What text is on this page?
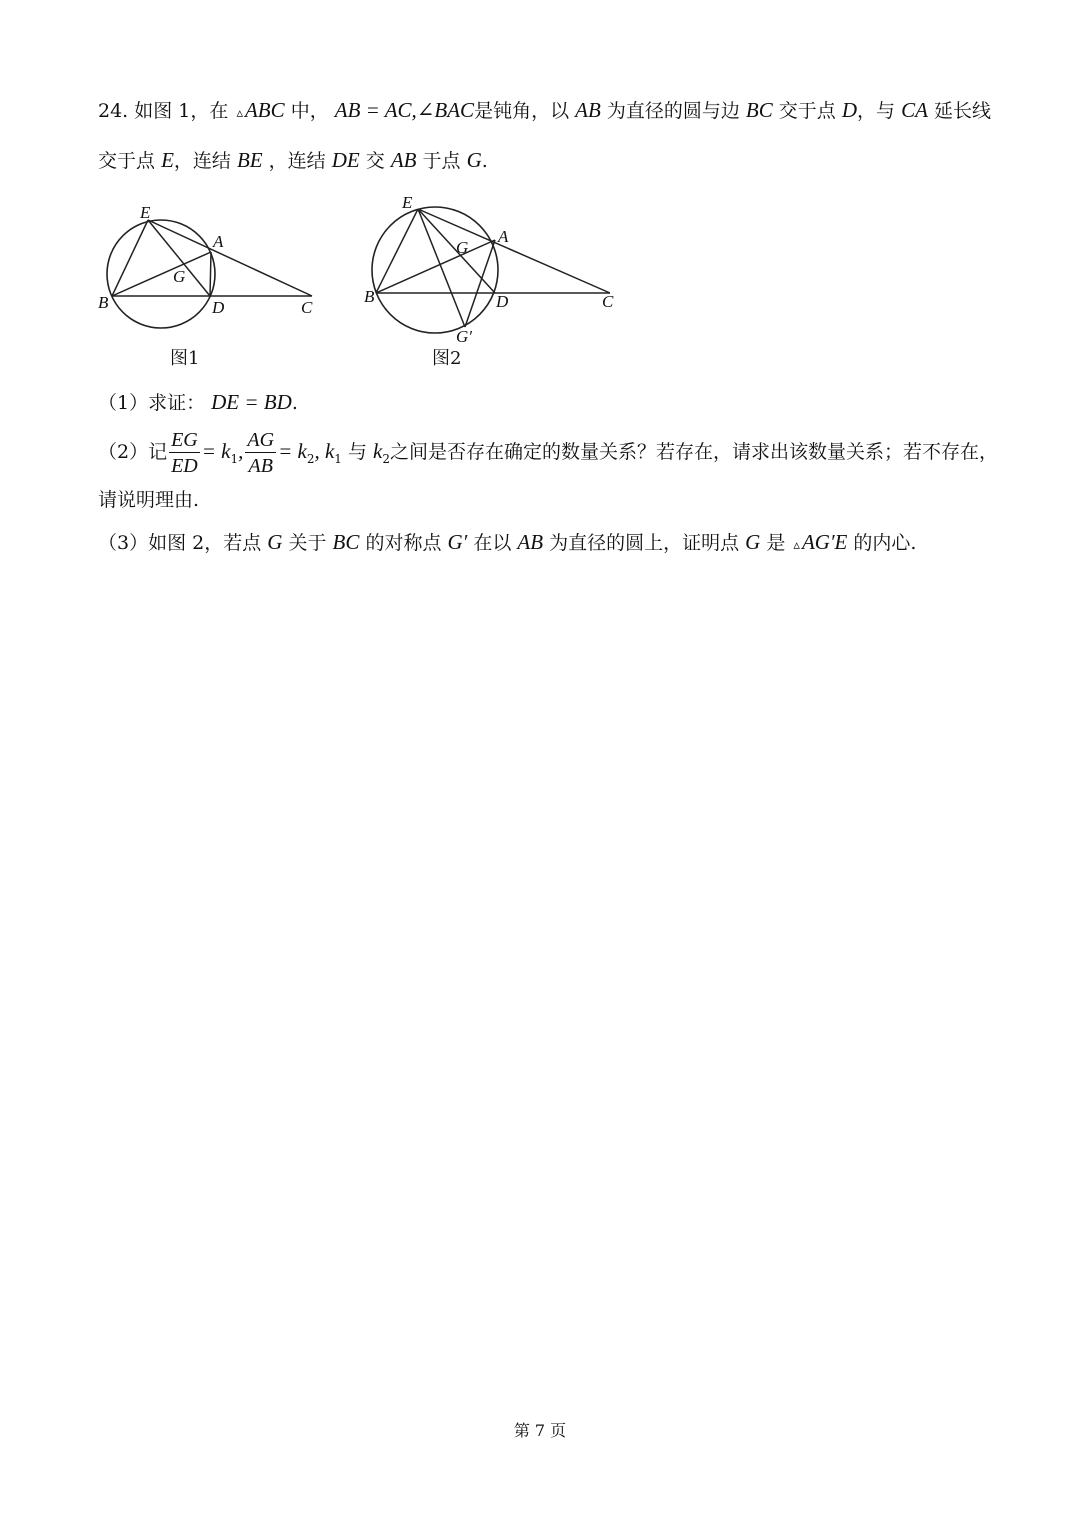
24. 如图 1，在 ▵ABC 中， AB = AC,∠BAC是钝角，以 AB 为直径的圆与边 BC 交于点 D，与 CA 延长线
交于点 E，连结 BE ，连结 DE 交 AB 于点 G.
E
A
G
B	D	C
E
A
G
B	D	C
G′
图1	图2
（1）求证： DE = BD.
（2）记 $\frac{EG}{ED} = k_1$, $\frac{AG}{AB} = k_2$, $k_1$ 与 $k_2$之间是否存在确定的数量关系？若存在，请求出该数量关系；若不存在，
请说明理由.
（3）如图 2，若点 G 关于 BC 的对称点 G′ 在以 AB 为直径的圆上，证明点 G 是 ▵AG′E 的内心.
第 7 页
